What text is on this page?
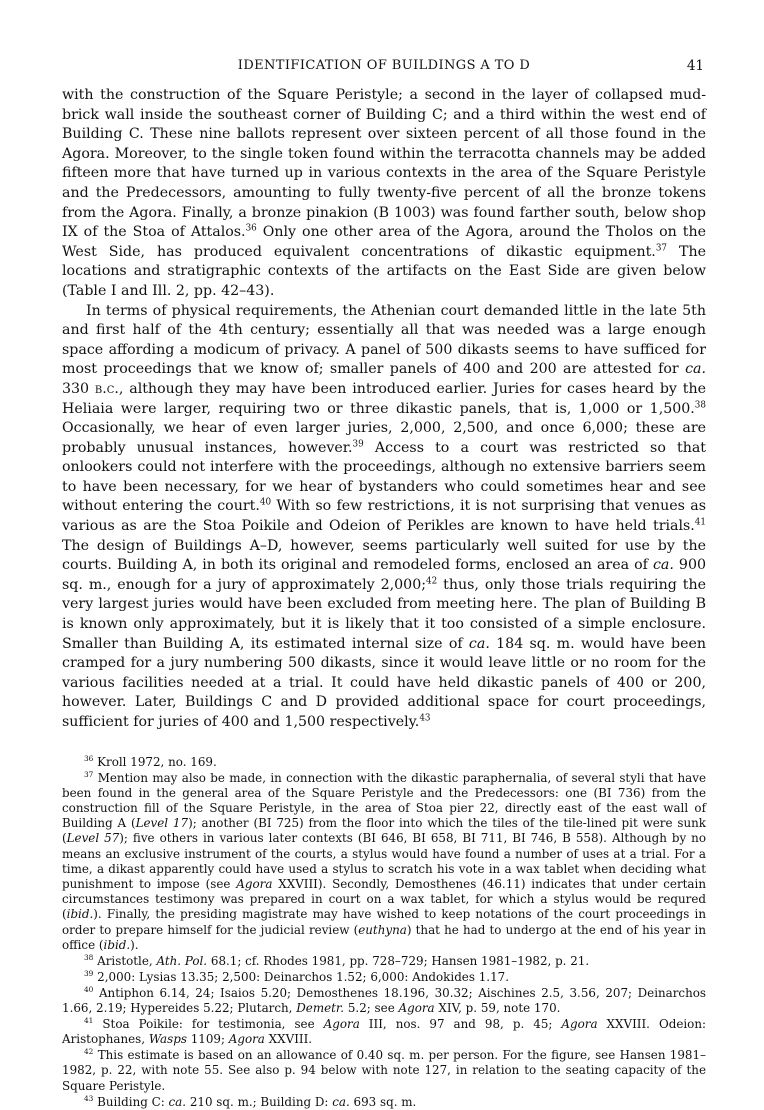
IDENTIFICATION OF BUILDINGS A TO D	41

with the construction of the Square Peristyle; a second in the layer of collapsed mud-brick wall inside the southeast corner of Building C; and a third within the west end of Building C. These nine ballots represent over sixteen percent of all those found in the Agora. Moreover, to the single token found within the terracotta channels may be added fifteen more that have turned up in various contexts in the area of the Square Peristyle and the Predecessors, amounting to fully twenty-five percent of all the bronze tokens from the Agora. Finally, a bronze pinakion (B 1003) was found farther south, below shop IX of the Stoa of Attalos.$^{36}$ Only one other area of the Agora, around the Tholos on the West Side, has produced equivalent concentrations of dikastic equipment.$^{37}$ The locations and stratigraphic contexts of the artifacts on the East Side are given below (Table I and Ill. 2, pp. 42–43).

In terms of physical requirements, the Athenian court demanded little in the late 5th and first half of the 4th century; essentially all that was needed was a large enough space affording a modicum of privacy. A panel of 500 dikasts seems to have sufficed for most proceedings that we know of; smaller panels of 400 and 200 are attested for ca. 330 b.c., although they may have been introduced earlier. Juries for cases heard by the Heliaia were larger, requiring two or three dikastic panels, that is, 1,000 or 1,500.38 Occasionally, we hear of even larger juries, 2,000, 2,500, and once 6,000; these are probably unusual instances, however.$^{39}$ Access to a court was restricted so that onlookers could not interfere with the proceedings, although no extensive barriers seem to have been necessary, for we hear of bystanders who could sometimes hear and see without entering the court.$^{40}$ With so few restrictions, it is not surprising that venues as various as are the Stoa Poikile and Odeion of Perikles are known to have held trials.$^{41}$ The design of Buildings A–D, however, seems particularly well suited for use by the courts. Building A, in both its original and remodeled forms, enclosed an area of ca. 900 sq. m., enough for a jury of approximately 2,000;$^{42}$ thus, only those trials requiring the very largest juries would have been excluded from meeting here. The plan of Building B is known only approximately, but it is likely that it too consisted of a simple enclosure. Smaller than Building A, its estimated internal size of ca. 184 sq. m. would have been cramped for a jury numbering 500 dikasts, since it would leave little or no room for the various facilities needed at a trial. It could have held dikastic panels of 400 or 200, however. Later, Buildings C and D provided additional space for court proceedings, sufficient for juries of 400 and 1,500 respectively.$^{43}$

$^{36}$ Kroll 1972, no. 169.

$^{37}$ Mention may also be made, in connection with the dikastic paraphernalia, of several styli that have been found in the general area of the Square Peristyle and the Predecessors: one (BI 736) from the construction fill of the Square Peristyle, in the area of Stoa pier 22, directly east of the east wall of Building A (Level 17); another (BI 725) from the floor into which the tiles of the tile-lined pit were sunk (Level 57); five others in various later contexts (BI 646, BI 658, BI 711, BI 746, B 558). Although by no means an exclusive instrument of the courts, a stylus would have found a number of uses at a trial. For a time, a dikast apparently could have used a stylus to scratch his vote in a wax tablet when deciding what punishment to impose (see Agora XXVIII). Secondly, Demosthenes (46.11) indicates that under certain circumstances testimony was prepared in court on a wax tablet, for which a stylus would be requred (ibid.). Finally, the presiding magistrate may have wished to keep notations of the court proceedings in order to prepare himself for the judicial review (euthyna) that he had to undergo at the end of his year in office (ibid.).

$^{38}$ Aristotle, Ath. Pol. 68.1; cf. Rhodes 1981, pp. 728–729; Hansen 1981–1982, p. 21.

$^{39}$ 2,000: Lysias 13.35; 2,500: Deinarchos 1.52; 6,000: Andokides 1.17.

$^{40}$ Antiphon 6.14, 24; Isaios 5.20; Demosthenes 18.196, 30.32; Aischines 2.5, 3.56, 207; Deinarchos 1.66, 2.19; Hypereides 5.22; Plutarch, Demetr. 5.2; see Agora XIV, p. 59, note 170.

$^{41}$ Stoa Poikile: for testimonia, see Agora III, nos. 97 and 98, p. 45; Agora XXVIII. Odeion: Aristophanes, Wasps 1109; Agora XXVIII.

$^{42}$ This estimate is based on an allowance of 0.40 sq. m. per person. For the figure, see Hansen 1981–1982, p. 22, with note 55. See also p. 94 below with note 127, in relation to the seating capacity of the Square Peristyle.

$^{43}$ Building C: ca. 210 sq. m.; Building D: ca. 693 sq. m.
